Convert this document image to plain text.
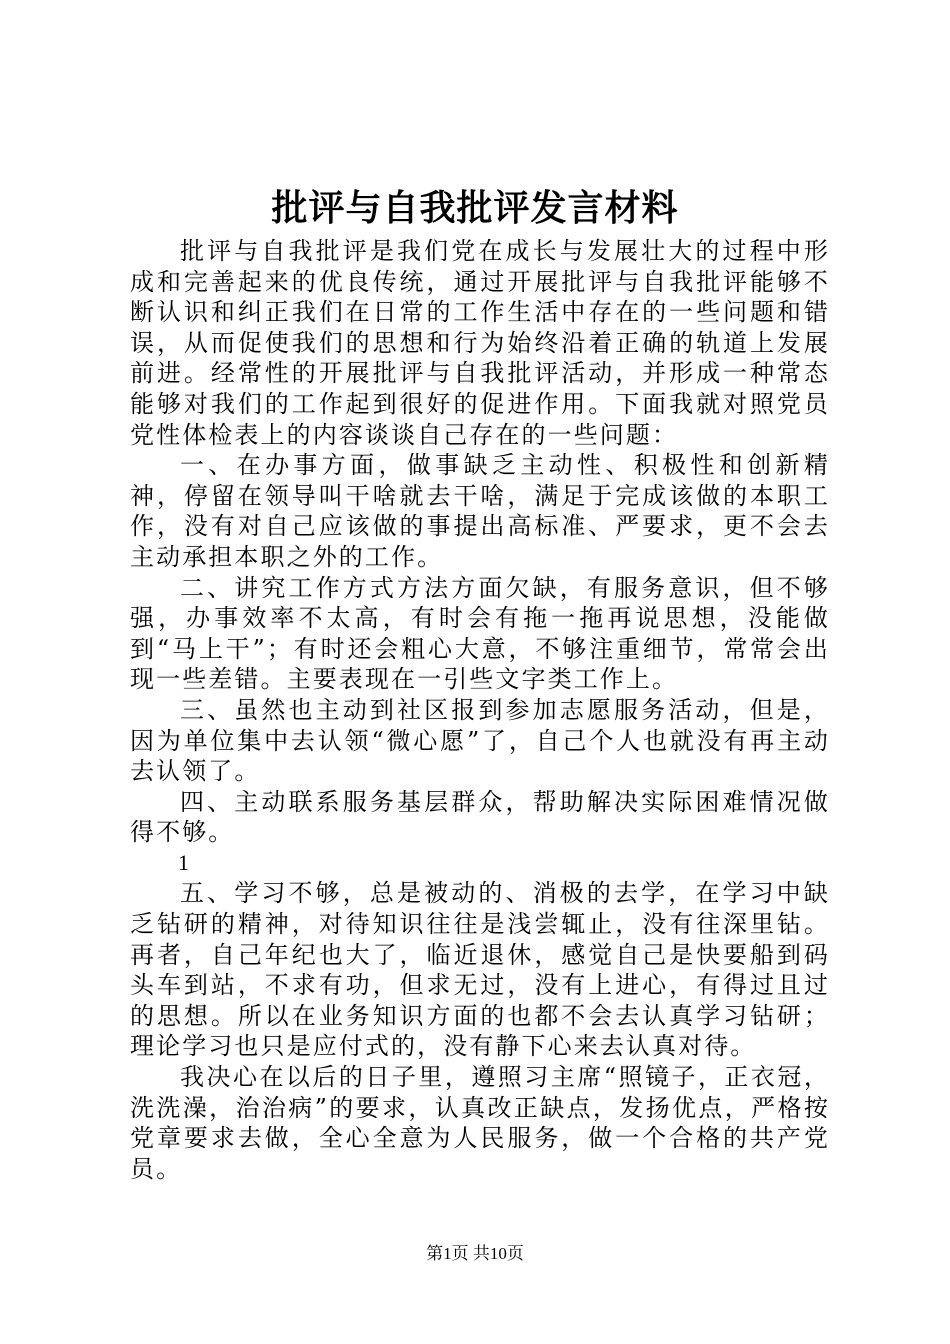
批评与自我批评发言材料

批评与自我批评是我们党在成长与发展壮大的过程中形成和完善起来的优良传统，通过开展批评与自我批评能够不断认识和纠正我们在日常的工作生活中存在的一些问题和错误，从而促使我们的思想和行为始终沿着正确的轨道上发展前进。经常性的开展批评与自我批评活动，并形成一种常态能够对我们的工作起到很好的促进作用。下面我就对照党员党性体检表上的内容谈谈自己存在的一些问题：

一、在办事方面，做事缺乏主动性、积极性和创新精神，停留在领导叫干啥就去干啥，满足于完成该做的本职工作，没有对自己应该做的事提出高标准、严要求，更不会去主动承担本职之外的工作。

二、讲究工作方式方法方面欠缺，有服务意识，但不够强，办事效率不太高，有时会有拖一拖再说思想，没能做到“马上干”；有时还会粗心大意，不够注重细节，常常会出现一些差错。主要表现在一引些文字类工作上。

三、虽然也主动到社区报到参加志愿服务活动，但是，因为单位集中去认领“微心愿”了，自己个人也就没有再主动去认领了。

四、主动联系服务基层群众，帮助解决实际困难情况做得不够。

1

五、学习不够，总是被动的、消极的去学，在学习中缺乏钻研的精神，对待知识往往是浅尝辄止，没有往深里钻。再者，自己年纪也大了，临近退休，感觉自己是快要船到码头车到站，不求有功，但求无过，没有上进心，有得过且过的思想。所以在业务知识方面的也都不会去认真学习钻研；理论学习也只是应付式的，没有静下心来去认真对待。

我决心在以后的日子里，遵照习主席“照镜子，正衣冠，洗洗澡，治治病”的要求，认真改正缺点，发扬优点，严格按党章要求去做，全心全意为人民服务，做一个合格的共产党员。

第1页 共10页
